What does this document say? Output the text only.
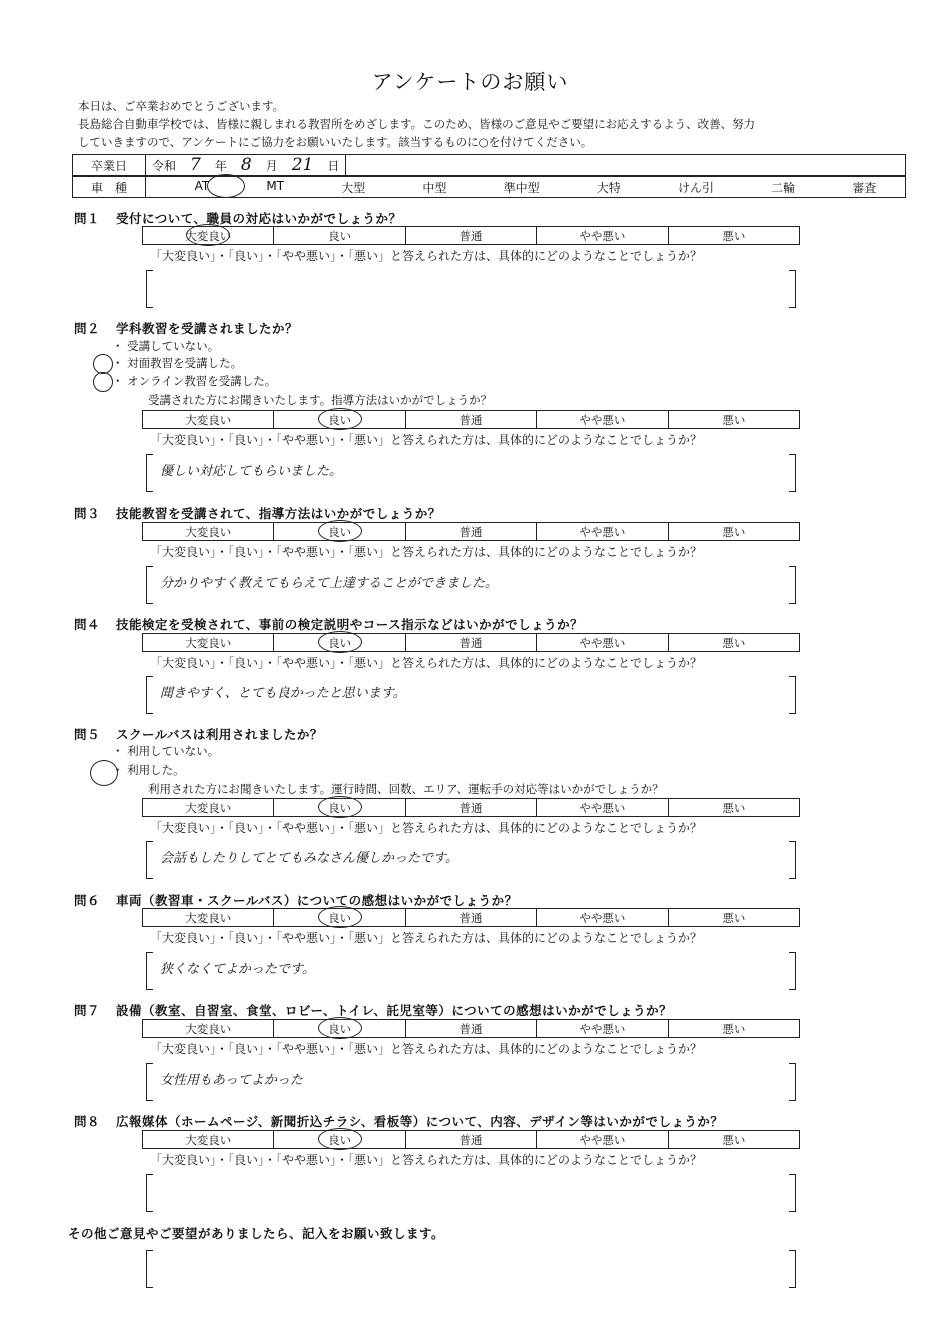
アンケートのお願い
本日は、ご卒業おめでとうございます。
長島総合自動車学校では、皆様に親しまれる教習所をめざします。このため、皆様のご意見やご要望にお応えするよう、改善、努力
していきますので、アンケートにご協力をお願いいたします。該当するものに○を付けてください。
卒業日	令和 7 年 8 月 21 日
車　種	AT	MT	大型	中型	準中型	大特	けん引	二輪	審査
問１ 受付について、職員の対応はいかがでしょうか？
大変良い	良い	普通	やや悪い	悪い
「大変良い」・「良い」・「やや悪い」・「悪い」と答えられた方は、具体的にどのようなことでしょうか？
問２ 学科教習を受講されましたか？
・ 受講していない。
・ 対面教習を受講した。
・ オンライン教習を受講した。
受講された方にお聞きいたします。指導方法はいかがでしょうか？
大変良い	良い	普通	やや悪い	悪い
「大変良い」・「良い」・「やや悪い」・「悪い」と答えられた方は、具体的にどのようなことでしょうか？
優しい対応してもらいました。
問３ 技能教習を受講されて、指導方法はいかがでしょうか？
大変良い	良い	普通	やや悪い	悪い
「大変良い」・「良い」・「やや悪い」・「悪い」と答えられた方は、具体的にどのようなことでしょうか？
分かりやすく教えてもらえて上達することができました。
問４ 技能検定を受検されて、事前の検定説明やコース指示などはいかがでしょうか？
大変良い	良い	普通	やや悪い	悪い
「大変良い」・「良い」・「やや悪い」・「悪い」と答えられた方は、具体的にどのようなことでしょうか？
聞きやすく、とても良かったと思います。
問５ スクールバスは利用されましたか？
・ 利用していない。
・ 利用した。
利用された方にお聞きいたします。運行時間、回数、エリア、運転手の対応等はいかがでしょうか？
大変良い	良い	普通	やや悪い	悪い
「大変良い」・「良い」・「やや悪い」・「悪い」と答えられた方は、具体的にどのようなことでしょうか？
会話もしたりしてとてもみなさん優しかったです。
問６ 車両（教習車・スクールバス）についての感想はいかがでしょうか？
大変良い	良い	普通	やや悪い	悪い
「大変良い」・「良い」・「やや悪い」・「悪い」と答えられた方は、具体的にどのようなことでしょうか？
狭くなくてよかったです。
問７ 設備（教室、自習室、食堂、ロビー、トイレ、託児室等）についての感想はいかがでしょうか？
大変良い	良い	普通	やや悪い	悪い
「大変良い」・「良い」・「やや悪い」・「悪い」と答えられた方は、具体的にどのようなことでしょうか？
女性用もあってよかった
問８ 広報媒体（ホームページ、新聞折込チラシ、看板等）について、内容、デザイン等はいかがでしょうか？
大変良い	良い	普通	やや悪い	悪い
「大変良い」・「良い」・「やや悪い」・「悪い」と答えられた方は、具体的にどのようなことでしょうか？
その他ご意見やご要望がありましたら、記入をお願い致します。
